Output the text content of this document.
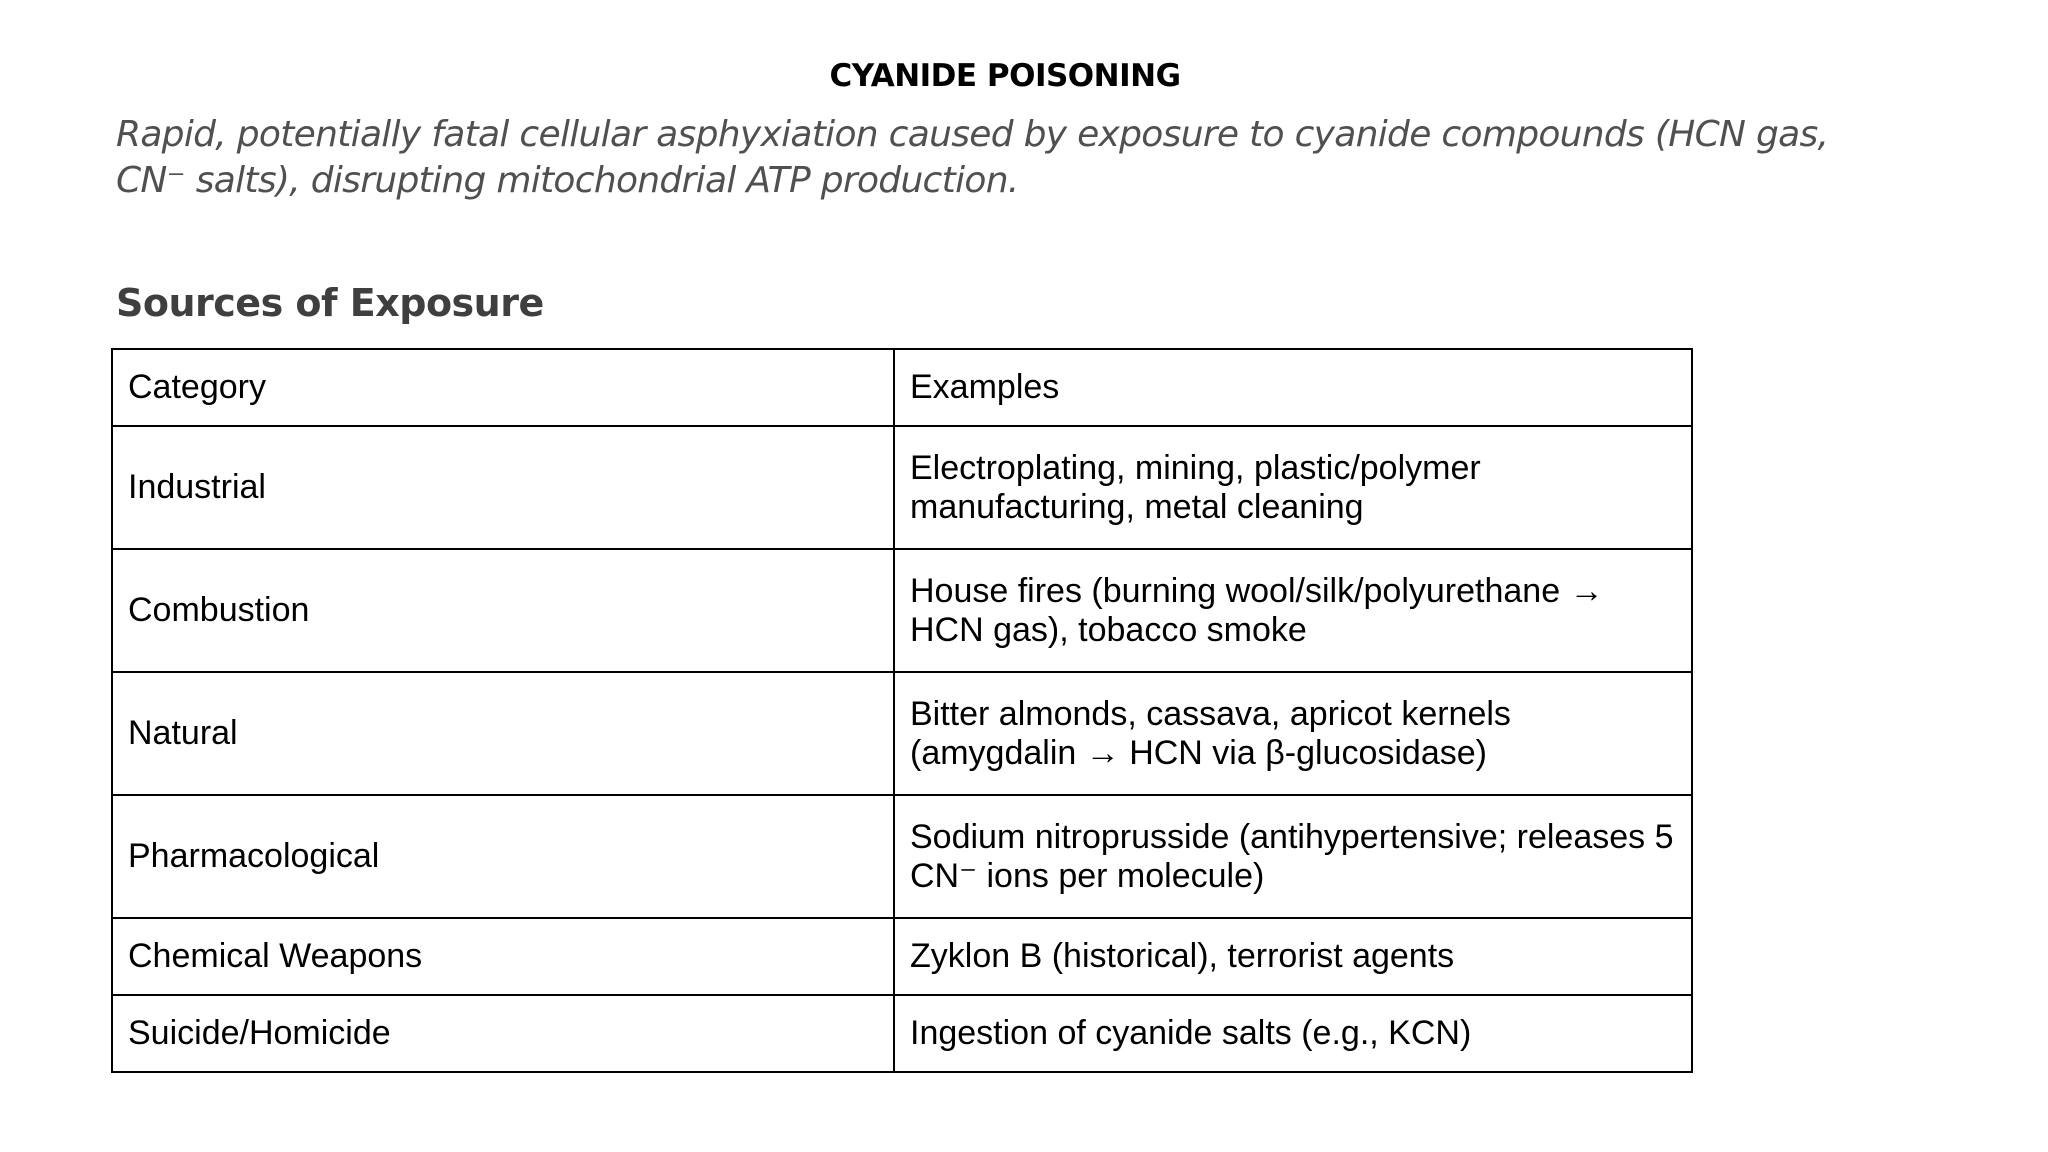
CYANIDE POISONING
Rapid, potentially fatal cellular asphyxiation caused by exposure to cyanide compounds (HCN gas, CN⁻ salts), disrupting mitochondrial ATP production.
Sources of Exposure
Category	Examples
Industrial	Electroplating, mining, plastic/polymer manufacturing, metal cleaning
Combustion	House fires (burning wool/silk/polyurethane → HCN gas), tobacco smoke
Natural	Bitter almonds, cassava, apricot kernels (amygdalin → HCN via β-glucosidase)
Pharmacological	Sodium nitroprusside (antihypertensive; releases 5 CN⁻ ions per molecule)
Chemical Weapons	Zyklon B (historical), terrorist agents
Suicide/Homicide	Ingestion of cyanide salts (e.g., KCN)
